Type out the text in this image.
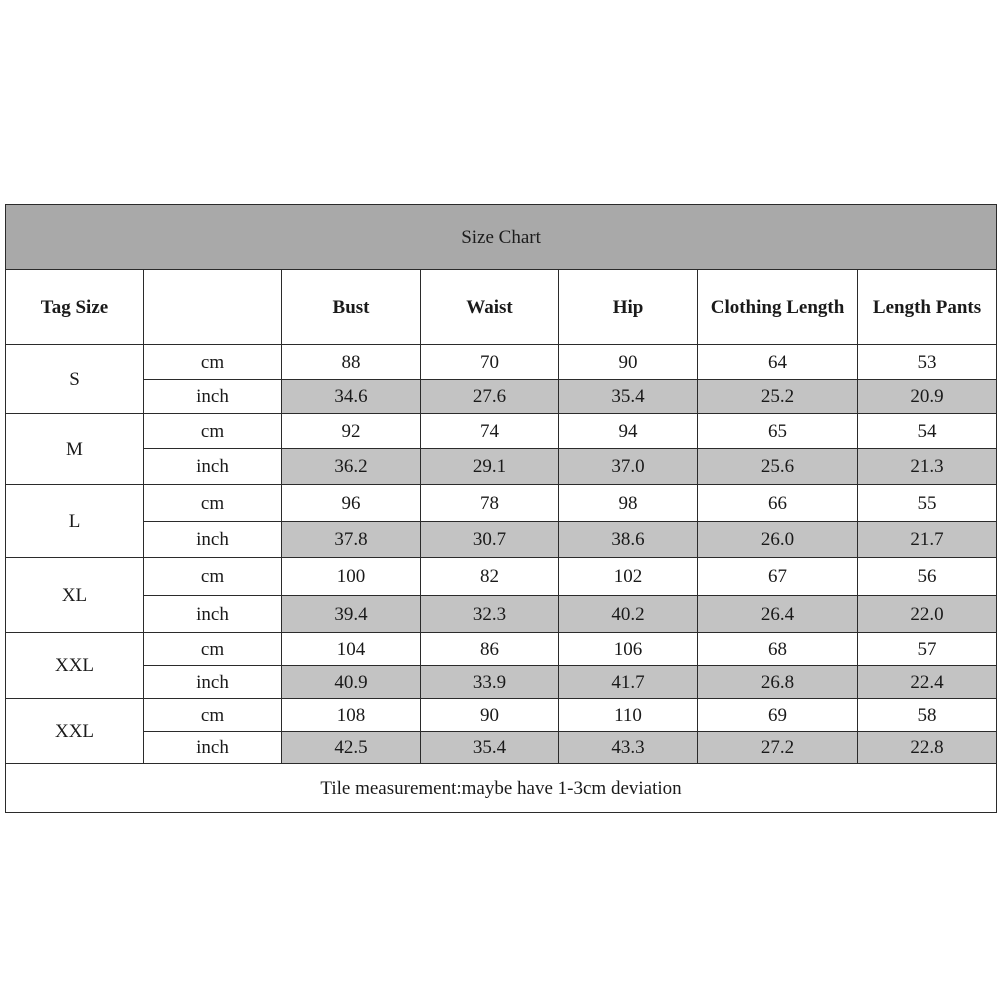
Size Chart						
Tag Size		Bust	Waist	Hip	Clothing Length	Length Pants
S	cm	88	70	90	64	53
	inch	34.6	27.6	35.4	25.2	20.9
M	cm	92	74	94	65	54
	inch	36.2	29.1	37.0	25.6	21.3
L	cm	96	78	98	66	55
	inch	37.8	30.7	38.6	26.0	21.7
XL	cm	100	82	102	67	56
	inch	39.4	32.3	40.2	26.4	22.0
XXL	cm	104	86	106	68	57
	inch	40.9	33.9	41.7	26.8	22.4
XXL	cm	108	90	110	69	58
	inch	42.5	35.4	43.3	27.2	22.8
Tile measurement:maybe have 1-3cm deviation						
